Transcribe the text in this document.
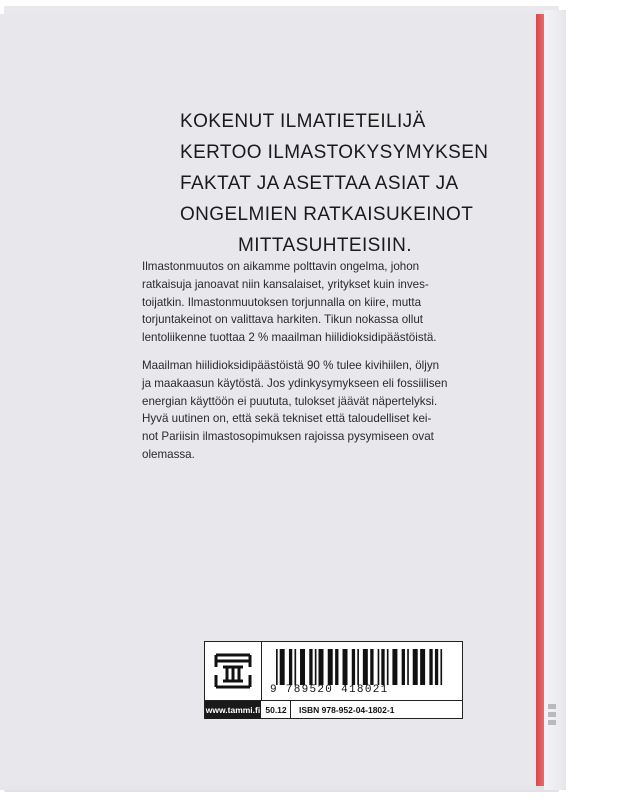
KOKENUT ILMATIETEILIJÄ
KERTOO ILMASTOKYSYMYKSEN
FAKTAT JA ASETTAA ASIAT JA
ONGELMIEN RATKAISUKEINOT
MITTASUHTEISIIN.

Ilmastonmuutos on aikamme polttavin ongelma, johon
ratkaisuja janoavat niin kansalaiset, yritykset kuin inves-
toijatkin. Ilmastonmuutoksen torjunnalla on kiire, mutta
torjuntakeinot on valittava harkiten. Tikun nokassa ollut
lentoliikenne tuottaa 2 % maailman hiilidioksidipäästöistä.

Maailman hiilidioksidipäästöistä 90 % tulee kivihiilen, öljyn
ja maakaasun käytöstä. Jos ydinkysymykseen eli fossiilisen
energian käyttöön ei puututa, tulokset jäävät näpertelyksi.
Hyvä uutinen on, että sekä tekniset että taloudelliset kei-
not Pariisin ilmastosopimuksen rajoissa pysymiseen ovat
olemassa.

9 789520 418021
www.tammi.fi 50.12	ISBN 978-952-04-1802-1
